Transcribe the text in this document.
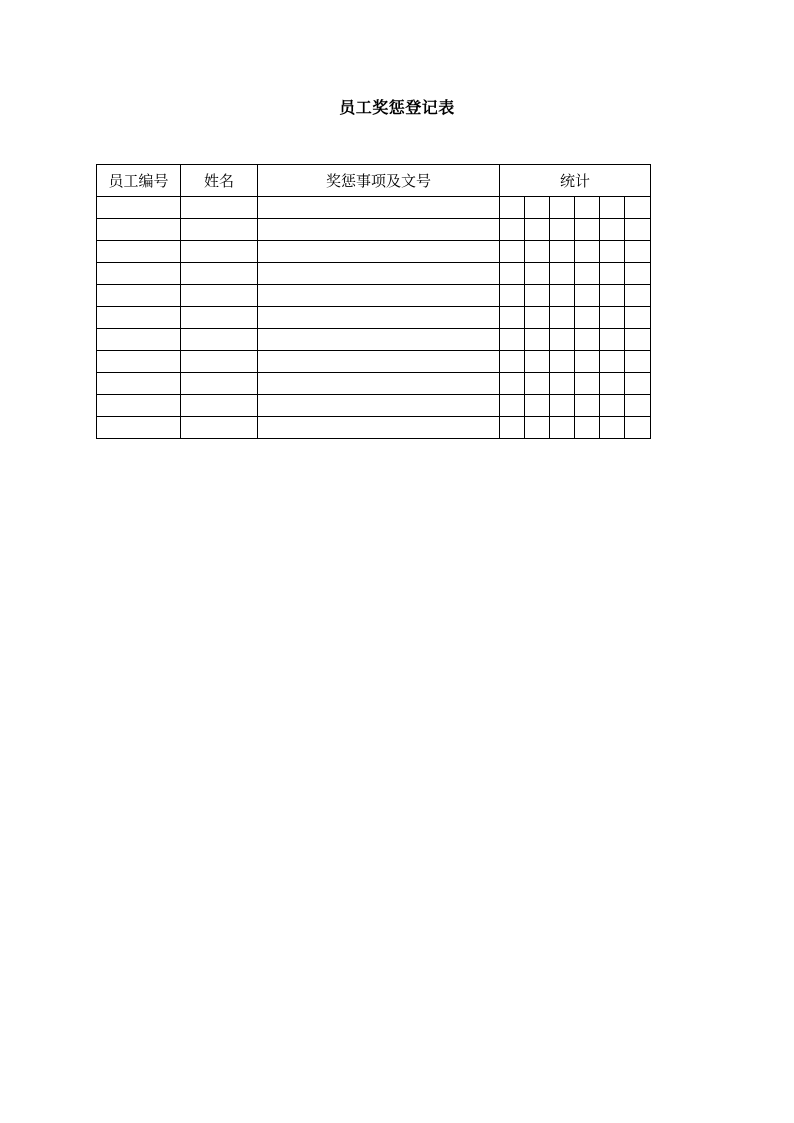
员工奖惩登记表
员工编号	姓名	奖惩事项及文号	统计					
